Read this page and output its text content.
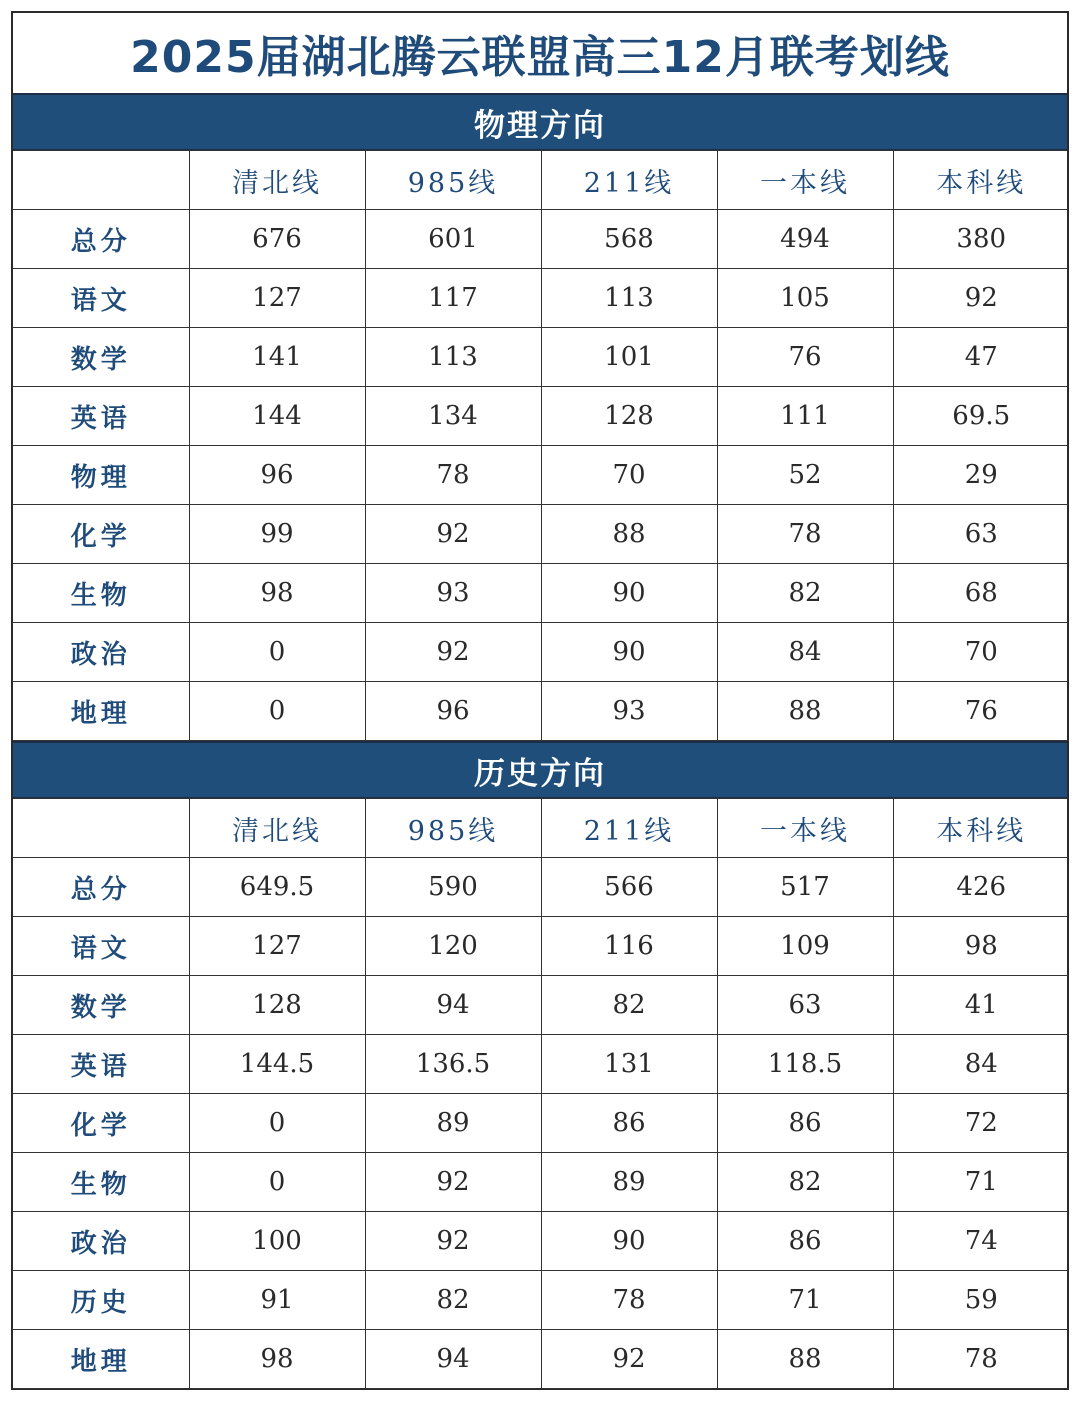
2025届湖北腾云联盟高三12月联考划线
物理方向
	清北线	985线	211线	一本线	本科线
总分	676	601	568	494	380
语文	127	117	113	105	92
数学	141	113	101	76	47
英语	144	134	128	111	69.5
物理	96	78	70	52	29
化学	99	92	88	78	63
生物	98	93	90	82	68
政治	0	92	90	84	70
地理	0	96	93	88	76
历史方向
	清北线	985线	211线	一本线	本科线
总分	649.5	590	566	517	426
语文	127	120	116	109	98
数学	128	94	82	63	41
英语	144.5	136.5	131	118.5	84
化学	0	89	86	86	72
生物	0	92	89	82	71
政治	100	92	90	86	74
历史	91	82	78	71	59
地理	98	94	92	88	78
